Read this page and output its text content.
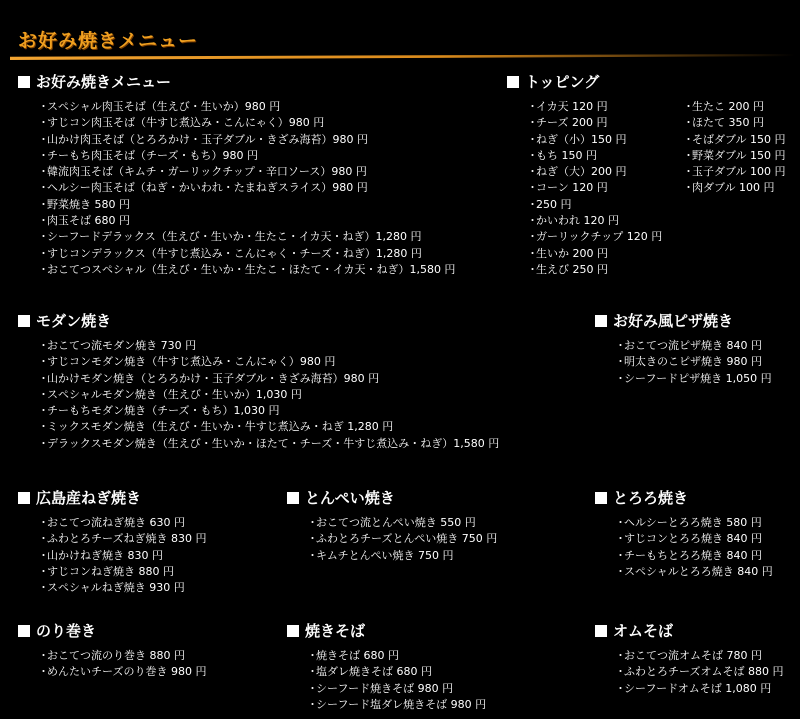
お好み焼きメニュー
お好み焼きメニュー
・スペシャル肉玉そば（生えび・生いか）980 円
・すじコン肉玉そば（牛すじ煮込み・こんにゃく）980 円
・山かけ肉玉そば（とろろかけ・玉子ダブル・きざみ海苔）980 円
・チーもち肉玉そば（チーズ・もち）980 円
・韓流肉玉そば（キムチ・ガーリックチップ・辛口ソース）980 円
・ヘルシー肉玉そば（ねぎ・かいわれ・たまねぎスライス）980 円
・野菜焼き 580 円
・肉玉そば 680 円
・シーフードデラックス（生えび・生いか・生たこ・イカ天・ねぎ）1,280 円
・すじコンデラックス（牛すじ煮込み・こんにゃく・チーズ・ねぎ）1,280 円
・おこてつスペシャル（生えび・生いか・生たこ・ほたて・イカ天・ねぎ）1,580 円
トッピング
・イカ天 120 円
・チーズ 200 円
・ねぎ（小）150 円
・もち 150 円
・ねぎ（大）200 円
・コーン 120 円
・250 円
・かいわれ 120 円
・ガーリックチップ 120 円
・生いか 200 円
・生えび 250 円
・生たこ 200 円
・ほたて 350 円
・そばダブル 150 円
・野菜ダブル 150 円
・玉子ダブル 100 円
・肉ダブル 100 円
モダン焼き
・おこてつ流モダン焼き 730 円
・すじコンモダン焼き（牛すじ煮込み・こんにゃく）980 円
・山かけモダン焼き（とろろかけ・玉子ダブル・きざみ海苔）980 円
・スペシャルモダン焼き（生えび・生いか）1,030 円
・チーもちモダン焼き（チーズ・もち）1,030 円
・ミックスモダン焼き（生えび・生いか・牛すじ煮込み・ねぎ 1,280 円
・デラックスモダン焼き（生えび・生いか・ほたて・チーズ・牛すじ煮込み・ねぎ）1,580 円
お好み風ピザ焼き
・おこてつ流ピザ焼き 840 円
・明太きのこピザ焼き 980 円
・シーフードピザ焼き 1,050 円
広島産ねぎ焼き
・おこてつ流ねぎ焼き 630 円
・ふわとろチーズねぎ焼き 830 円
・山かけねぎ焼き 830 円
・すじコンねぎ焼き 880 円
・スペシャルねぎ焼き 930 円
とんぺい焼き
・おこてつ流とんぺい焼き 550 円
・ふわとろチーズとんぺい焼き 750 円
・キムチとんぺい焼き 750 円
とろろ焼き
・ヘルシーとろろ焼き 580 円
・すじコンとろろ焼き 840 円
・チーもちとろろ焼き 840 円
・スペシャルとろろ焼き 840 円
のり巻き
・おこてつ流のり巻き 880 円
・めんたいチーズのり巻き 980 円
焼きそば
・焼きそば 680 円
・塩ダレ焼きそば 680 円
・シーフード焼きそば 980 円
・シーフード塩ダレ焼きそば 980 円
オムそば
・おこてつ流オムそば 780 円
・ふわとろチーズオムそば 880 円
・シーフードオムそば 1,080 円
